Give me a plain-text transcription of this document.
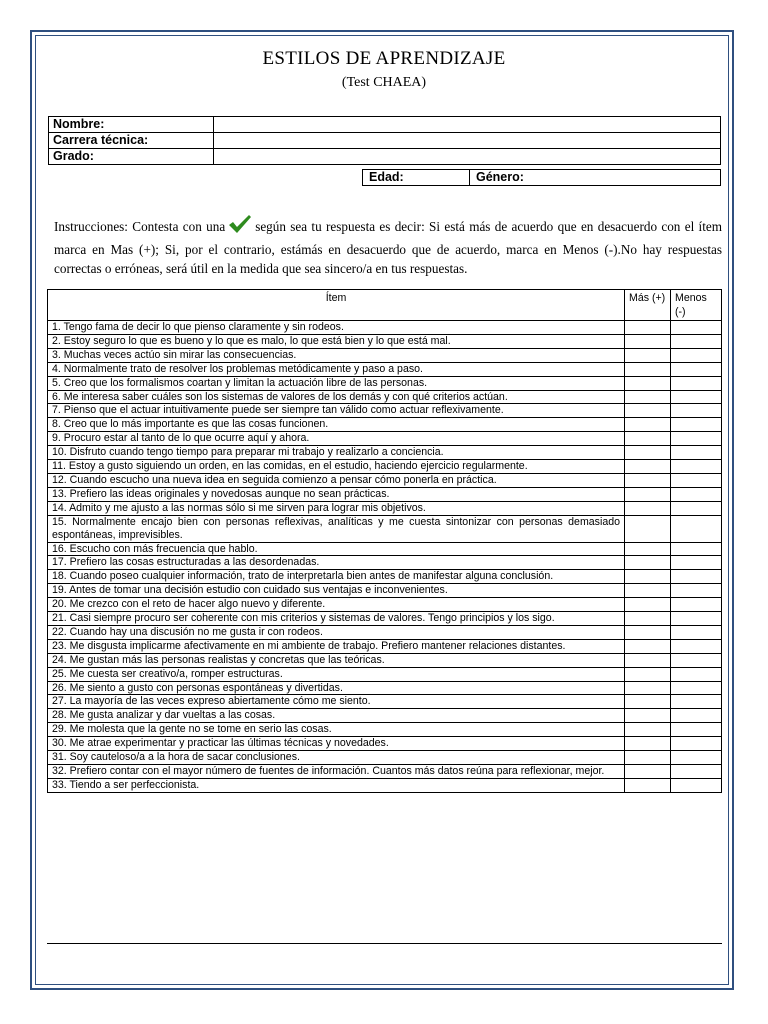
ESTILOS DE APRENDIZAJE
(Test CHAEA)
Nombre:	
Carrera técnica:	
Grado:	
Edad:	Género:
Instrucciones: Contesta con una según sea tu respuesta es decir: Si está más de acuerdo que en desacuerdo con el ítem marca en Mas (+); Si, por el contrario, estámás en desacuerdo que de acuerdo, marca en Menos (-).No hay respuestas correctas o erróneas, será útil en la medida que sea sincero/a en tus respuestas.
Ítem	Más (+)	Menos (-)
1. Tengo fama de decir lo que pienso claramente y sin rodeos.		
2. Estoy seguro lo que es bueno y lo que es malo, lo que está bien y lo que está mal.		
3. Muchas veces actúo sin mirar las consecuencias.		
4. Normalmente trato de resolver los problemas metódicamente y paso a paso.		
5. Creo que los formalismos coartan y limitan la actuación libre de las personas.		
6. Me interesa saber cuáles son los sistemas de valores de los demás y con qué criterios actúan.		
7. Pienso que el actuar intuitivamente puede ser siempre tan válido como actuar reflexivamente.		
8. Creo que lo más importante es que las cosas funcionen.		
9. Procuro estar al tanto de lo que ocurre aquí y ahora.		
10. Disfruto cuando tengo tiempo para preparar mi trabajo y realizarlo a conciencia.		
11. Estoy a gusto siguiendo un orden, en las comidas, en el estudio, haciendo ejercicio regularmente.		
12. Cuando escucho una nueva idea en seguida comienzo a pensar cómo ponerla en práctica.		
13. Prefiero las ideas originales y novedosas aunque no sean prácticas.		
14. Admito y me ajusto a las normas sólo si me sirven para lograr mis objetivos.		
15. Normalmente encajo bien con personas reflexivas, analíticas y me cuesta sintonizar con personas demasiado espontáneas, imprevisibles.		
16. Escucho con más frecuencia que hablo.		
17. Prefiero las cosas estructuradas a las desordenadas.		
18. Cuando poseo cualquier información, trato de interpretarla bien antes de manifestar alguna conclusión.		
19. Antes de tomar una decisión estudio con cuidado sus ventajas e inconvenientes.		
20. Me crezco con el reto de hacer algo nuevo y diferente.		
21. Casi siempre procuro ser coherente con mis criterios y sistemas de valores. Tengo principios y los sigo.		
22. Cuando hay una discusión no me gusta ir con rodeos.		
23. Me disgusta implicarme afectivamente en mi ambiente de trabajo. Prefiero mantener relaciones distantes.		
24. Me gustan más las personas realistas y concretas que las teóricas.		
25. Me cuesta ser creativo/a, romper estructuras.		
26. Me siento a gusto con personas espontáneas y divertidas.		
27. La mayoría de las veces expreso abiertamente cómo me siento.		
28. Me gusta analizar y dar vueltas a las cosas.		
29. Me molesta que la gente no se tome en serio las cosas.		
30. Me atrae experimentar y practicar las últimas técnicas y novedades.		
31. Soy cauteloso/a a la hora de sacar conclusiones.		
32. Prefiero contar con el mayor número de fuentes de información. Cuantos más datos reúna para reflexionar, mejor.		
33. Tiendo a ser perfeccionista.		
